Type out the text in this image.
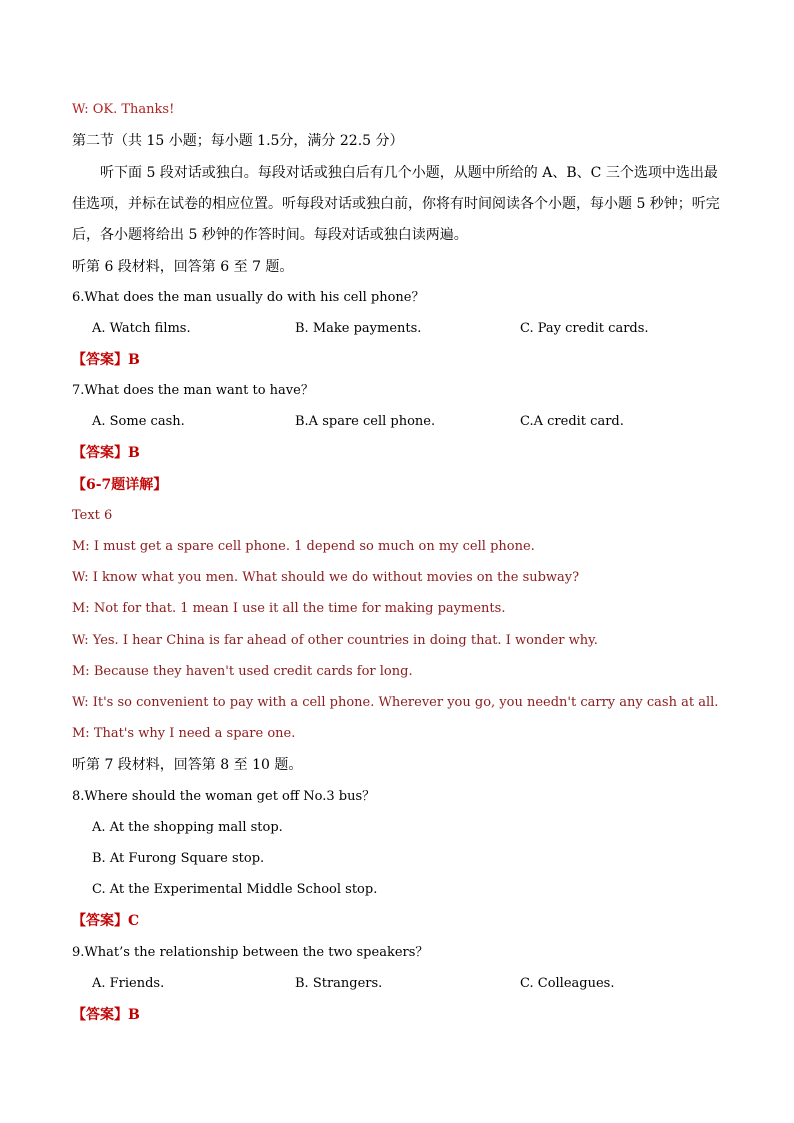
W: OK. Thanks!
第二节（共 15 小题；每小题 1.5分，满分 22.5 分）
听下面 5 段对话或独白。每段对话或独白后有几个小题，从题中所给的 A、B、C 三个选项中选出最佳选项，并标在试卷的相应位置。听每段对话或独白前，你将有时间阅读各个小题，每小题 5 秒钟；听完后，各小题将给出 5 秒钟的作答时间。每段对话或独白读两遍。
听第 6 段材料，回答第 6 至 7 题。
6.What does the man usually do with his cell phone？
A. Watch films.	B. Make payments.	C. Pay credit cards.
【答案】B
7.What does the man want to have？
A. Some cash.	B.A spare cell phone.	C.A credit card.
【答案】B
【6-7题详解】
Text 6
M: I must get a spare cell phone. 1 depend so much on my cell phone.
W: I know what you men. What should we do without movies on the subway?
M: Not for that. 1 mean I use it all the time for making payments.
W: Yes. I hear China is far ahead of other countries in doing that. I wonder why.
M: Because they haven't used credit cards for long.
W: It's so convenient to pay with a cell phone. Wherever you go, you needn't carry any cash at all.
M: That's why I need a spare one.
听第 7 段材料，回答第 8 至 10 题。
8.Where should the woman get off No.3 bus？
A. At the shopping mall stop.
B. At Furong Square stop.
C. At the Experimental Middle School stop.
【答案】C
9.What’s the relationship between the two speakers？
A. Friends.	B. Strangers.	C. Colleagues.
【答案】B
